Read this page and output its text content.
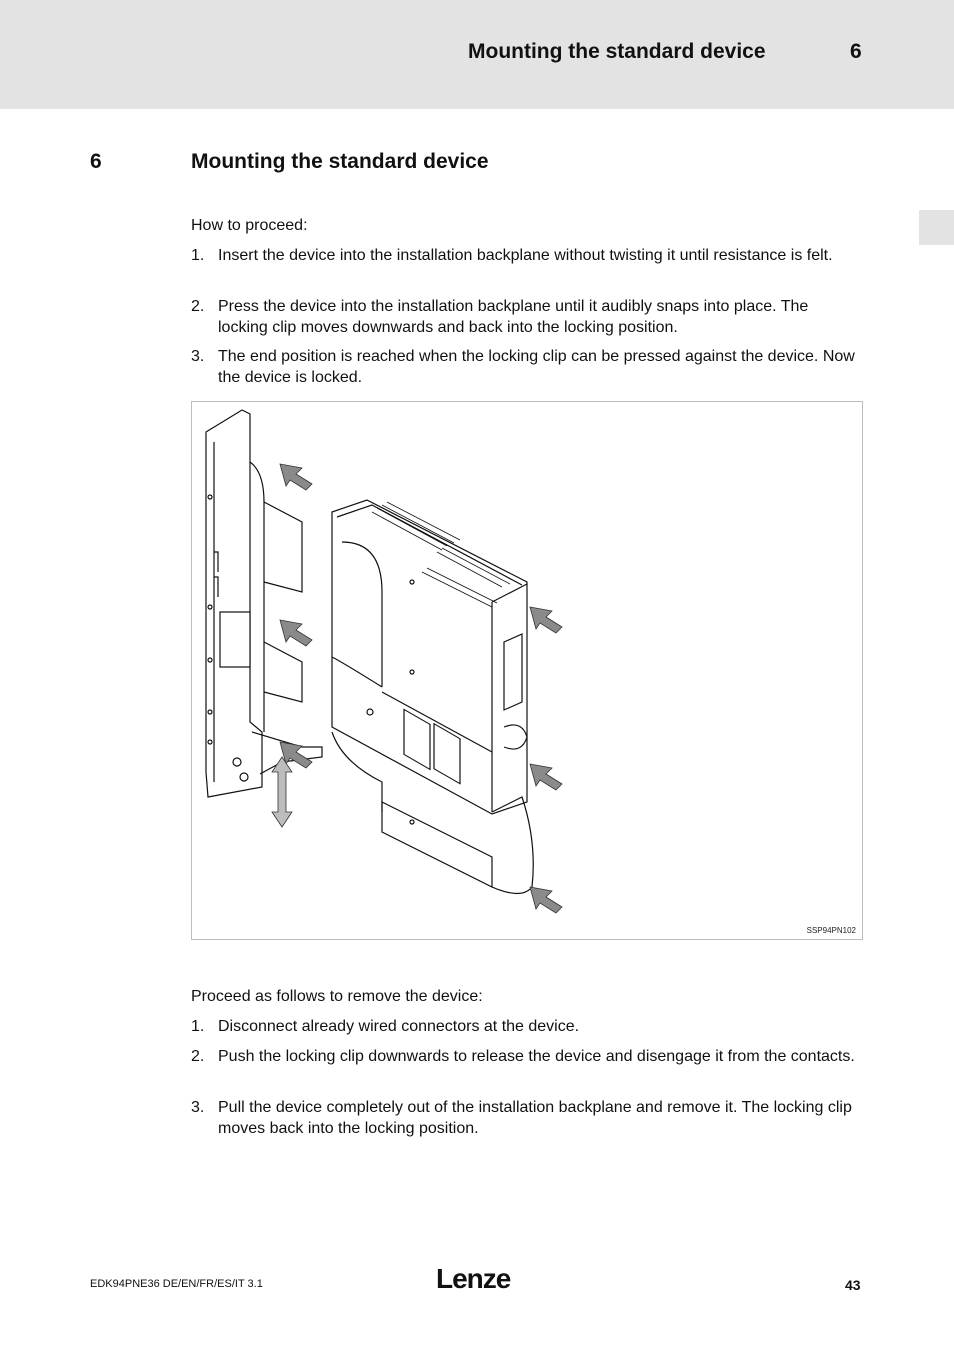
Mounting the standard device	6
6	Mounting the standard device
How to proceed:
1. Insert the device into the installation backplane without twisting it until resistance is felt.
2. Press the device into the installation backplane until it audibly snaps into place. The locking clip moves downwards and back into the locking position.
3. The end position is reached when the locking clip can be pressed against the device. Now the device is locked.
SSP94PN102
Proceed as follows to remove the device:
1. Disconnect already wired connectors at the device.
2. Push the locking clip downwards to release the device and disengage it from the contacts.
3. Pull the device completely out of the installation backplane and remove it. The locking clip moves back into the locking position.
EDK94PNE36 DE/EN/FR/ES/IT 3.1	Lenze	43
